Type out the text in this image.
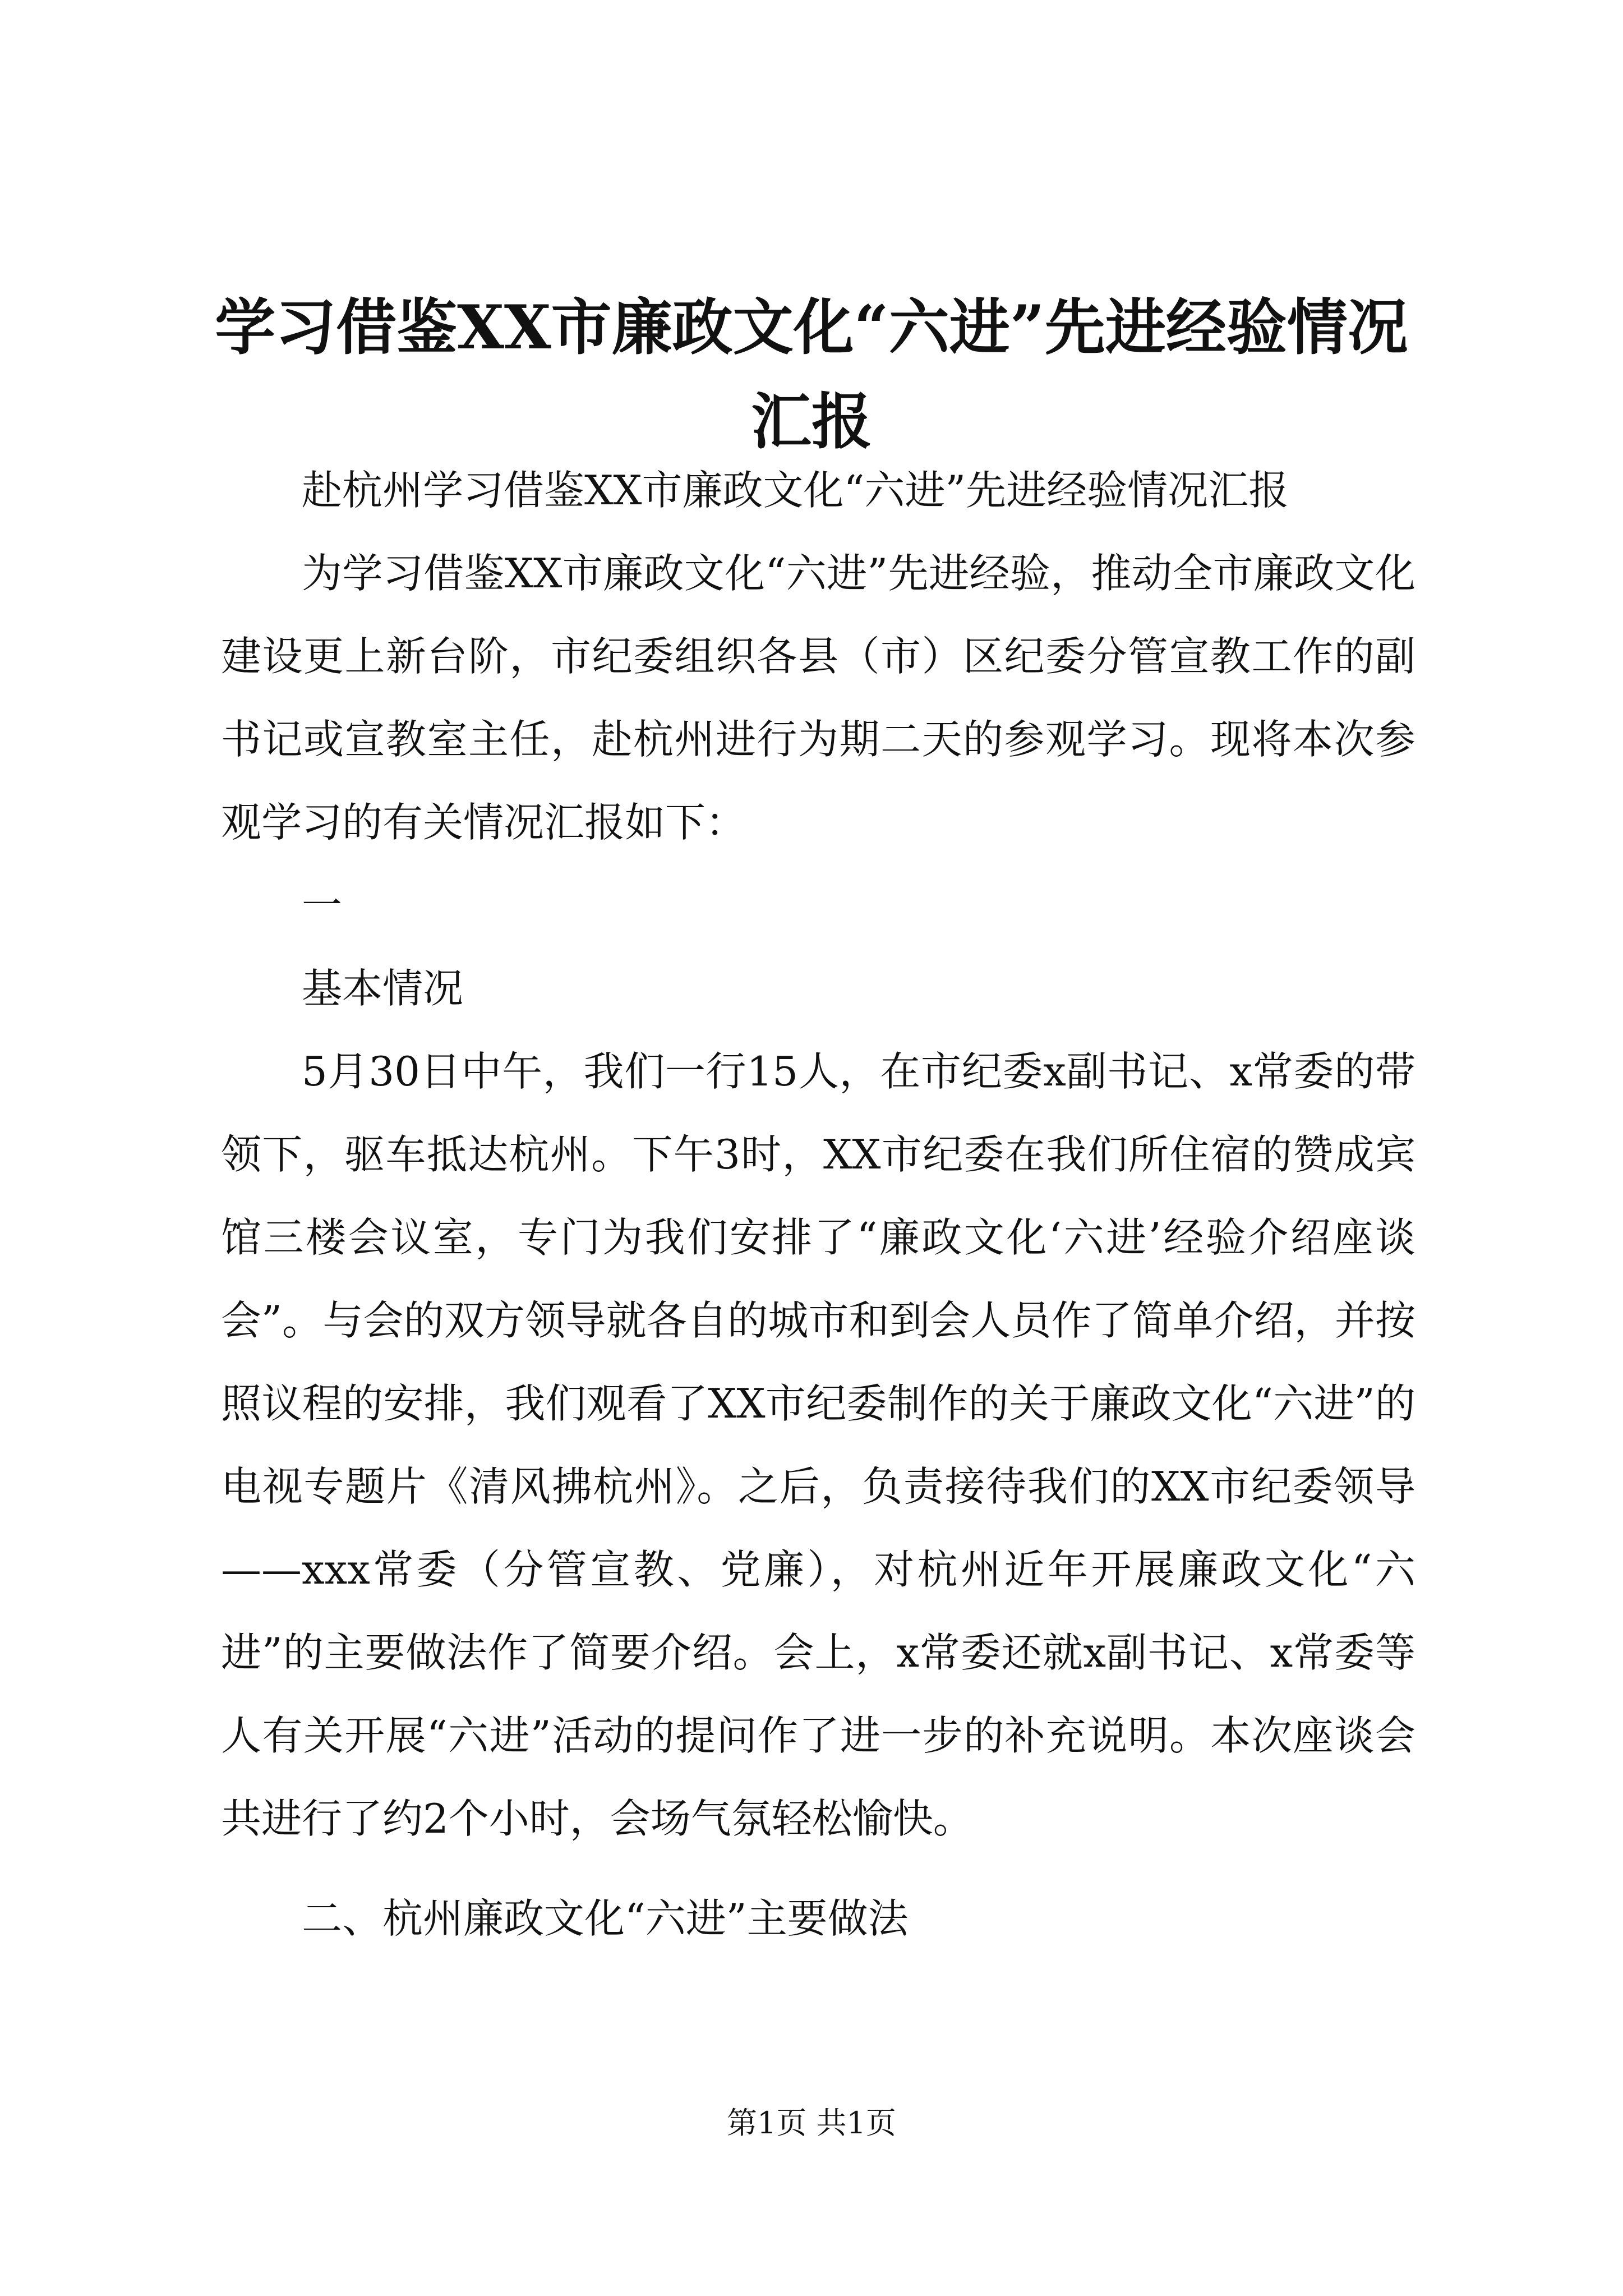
学习借鉴XX市廉政文化“六进”先进经验情况汇报

赴杭州学习借鉴XX市廉政文化“六进”先进经验情况汇报

为学习借鉴XX市廉政文化“六进”先进经验，推动全市廉政文化建设更上新台阶，市纪委组织各县（市）区纪委分管宣教工作的副书记或宣教室主任，赴杭州进行为期二天的参观学习。现将本次参观学习的有关情况汇报如下：

一

基本情况

5月30日中午，我们一行15人，在市纪委x副书记、x常委的带领下，驱车抵达杭州。下午3时，XX市纪委在我们所住宿的赞成宾馆三楼会议室，专门为我们安排了“廉政文化‘六进’经验介绍座谈会”。与会的双方领导就各自的城市和到会人员作了简单介绍，并按照议程的安排，我们观看了XX市纪委制作的关于廉政文化“六进”的电视专题片《清风拂杭州》。之后，负责接待我们的XX市纪委领导——xxx常委（分管宣教、党廉），对杭州近年开展廉政文化“六进”的主要做法作了简要介绍。会上，x常委还就x副书记、x常委等人有关开展“六进”活动的提问作了进一步的补充说明。本次座谈会共进行了约2个小时，会场气氛轻松愉快。

二、杭州廉政文化“六进”主要做法

第1页 共1页
